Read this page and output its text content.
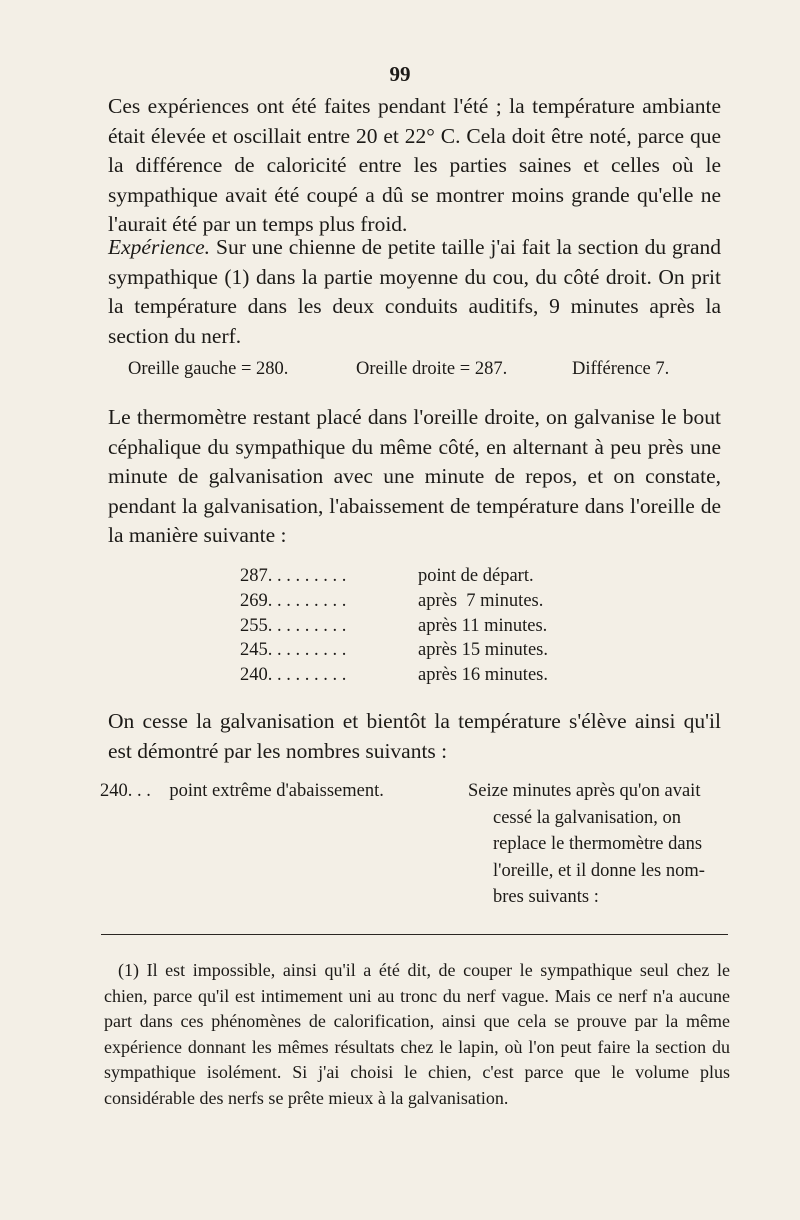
99

Ces expériences ont été faites pendant l'été ; la température ambiante était élevée et oscillait entre 20 et 22° C. Cela doit être noté, parce que la différence de caloricité entre les parties saines et celles où le sympathique avait été coupé a dû se montrer moins grande qu'elle ne l'aurait été par un temps plus froid.

Expérience. Sur une chienne de petite taille j'ai fait la section du grand sympathique (1) dans la partie moyenne du cou, du côté droit. On prit la température dans les deux conduits auditifs, 9 minutes après la section du nerf.

Oreille gauche = 280.	Oreille droite = 287.	Différence 7.

Le thermomètre restant placé dans l'oreille droite, on galvanise le bout céphalique du sympathique du même côté, en alternant à peu près une minute de galvanisation avec une minute de repos, et on constate, pendant la galvanisation, l'abaissement de température dans l'oreille de la manière suivante :

287. . . . . . . . .	point de départ.
269. . . . . . . . .	après  7 minutes.
255. . . . . . . . .	après 11 minutes.
245. . . . . . . . .	après 15 minutes.
240. . . . . . . . .	après 16 minutes.

On cesse la galvanisation et bientôt la température s'élève ainsi qu'il est démontré par les nombres suivants :

240. . .    point extrême d'abaissement.	Seize minutes après qu'on avait
cessé la galvanisation, on
replace le thermomètre dans
l'oreille, et il donne les nom-
bres suivants :

(1) Il est impossible, ainsi qu'il a été dit, de couper le sympathique seul chez le chien, parce qu'il est intimement uni au tronc du nerf vague. Mais ce nerf n'a aucune part dans ces phénomènes de calorification, ainsi que cela se prouve par la même expérience donnant les mêmes résultats chez le lapin, où l'on peut faire la section du sympathique isolément. Si j'ai choisi le chien, c'est parce que le volume plus considérable des nerfs se prête mieux à la galvanisation.
